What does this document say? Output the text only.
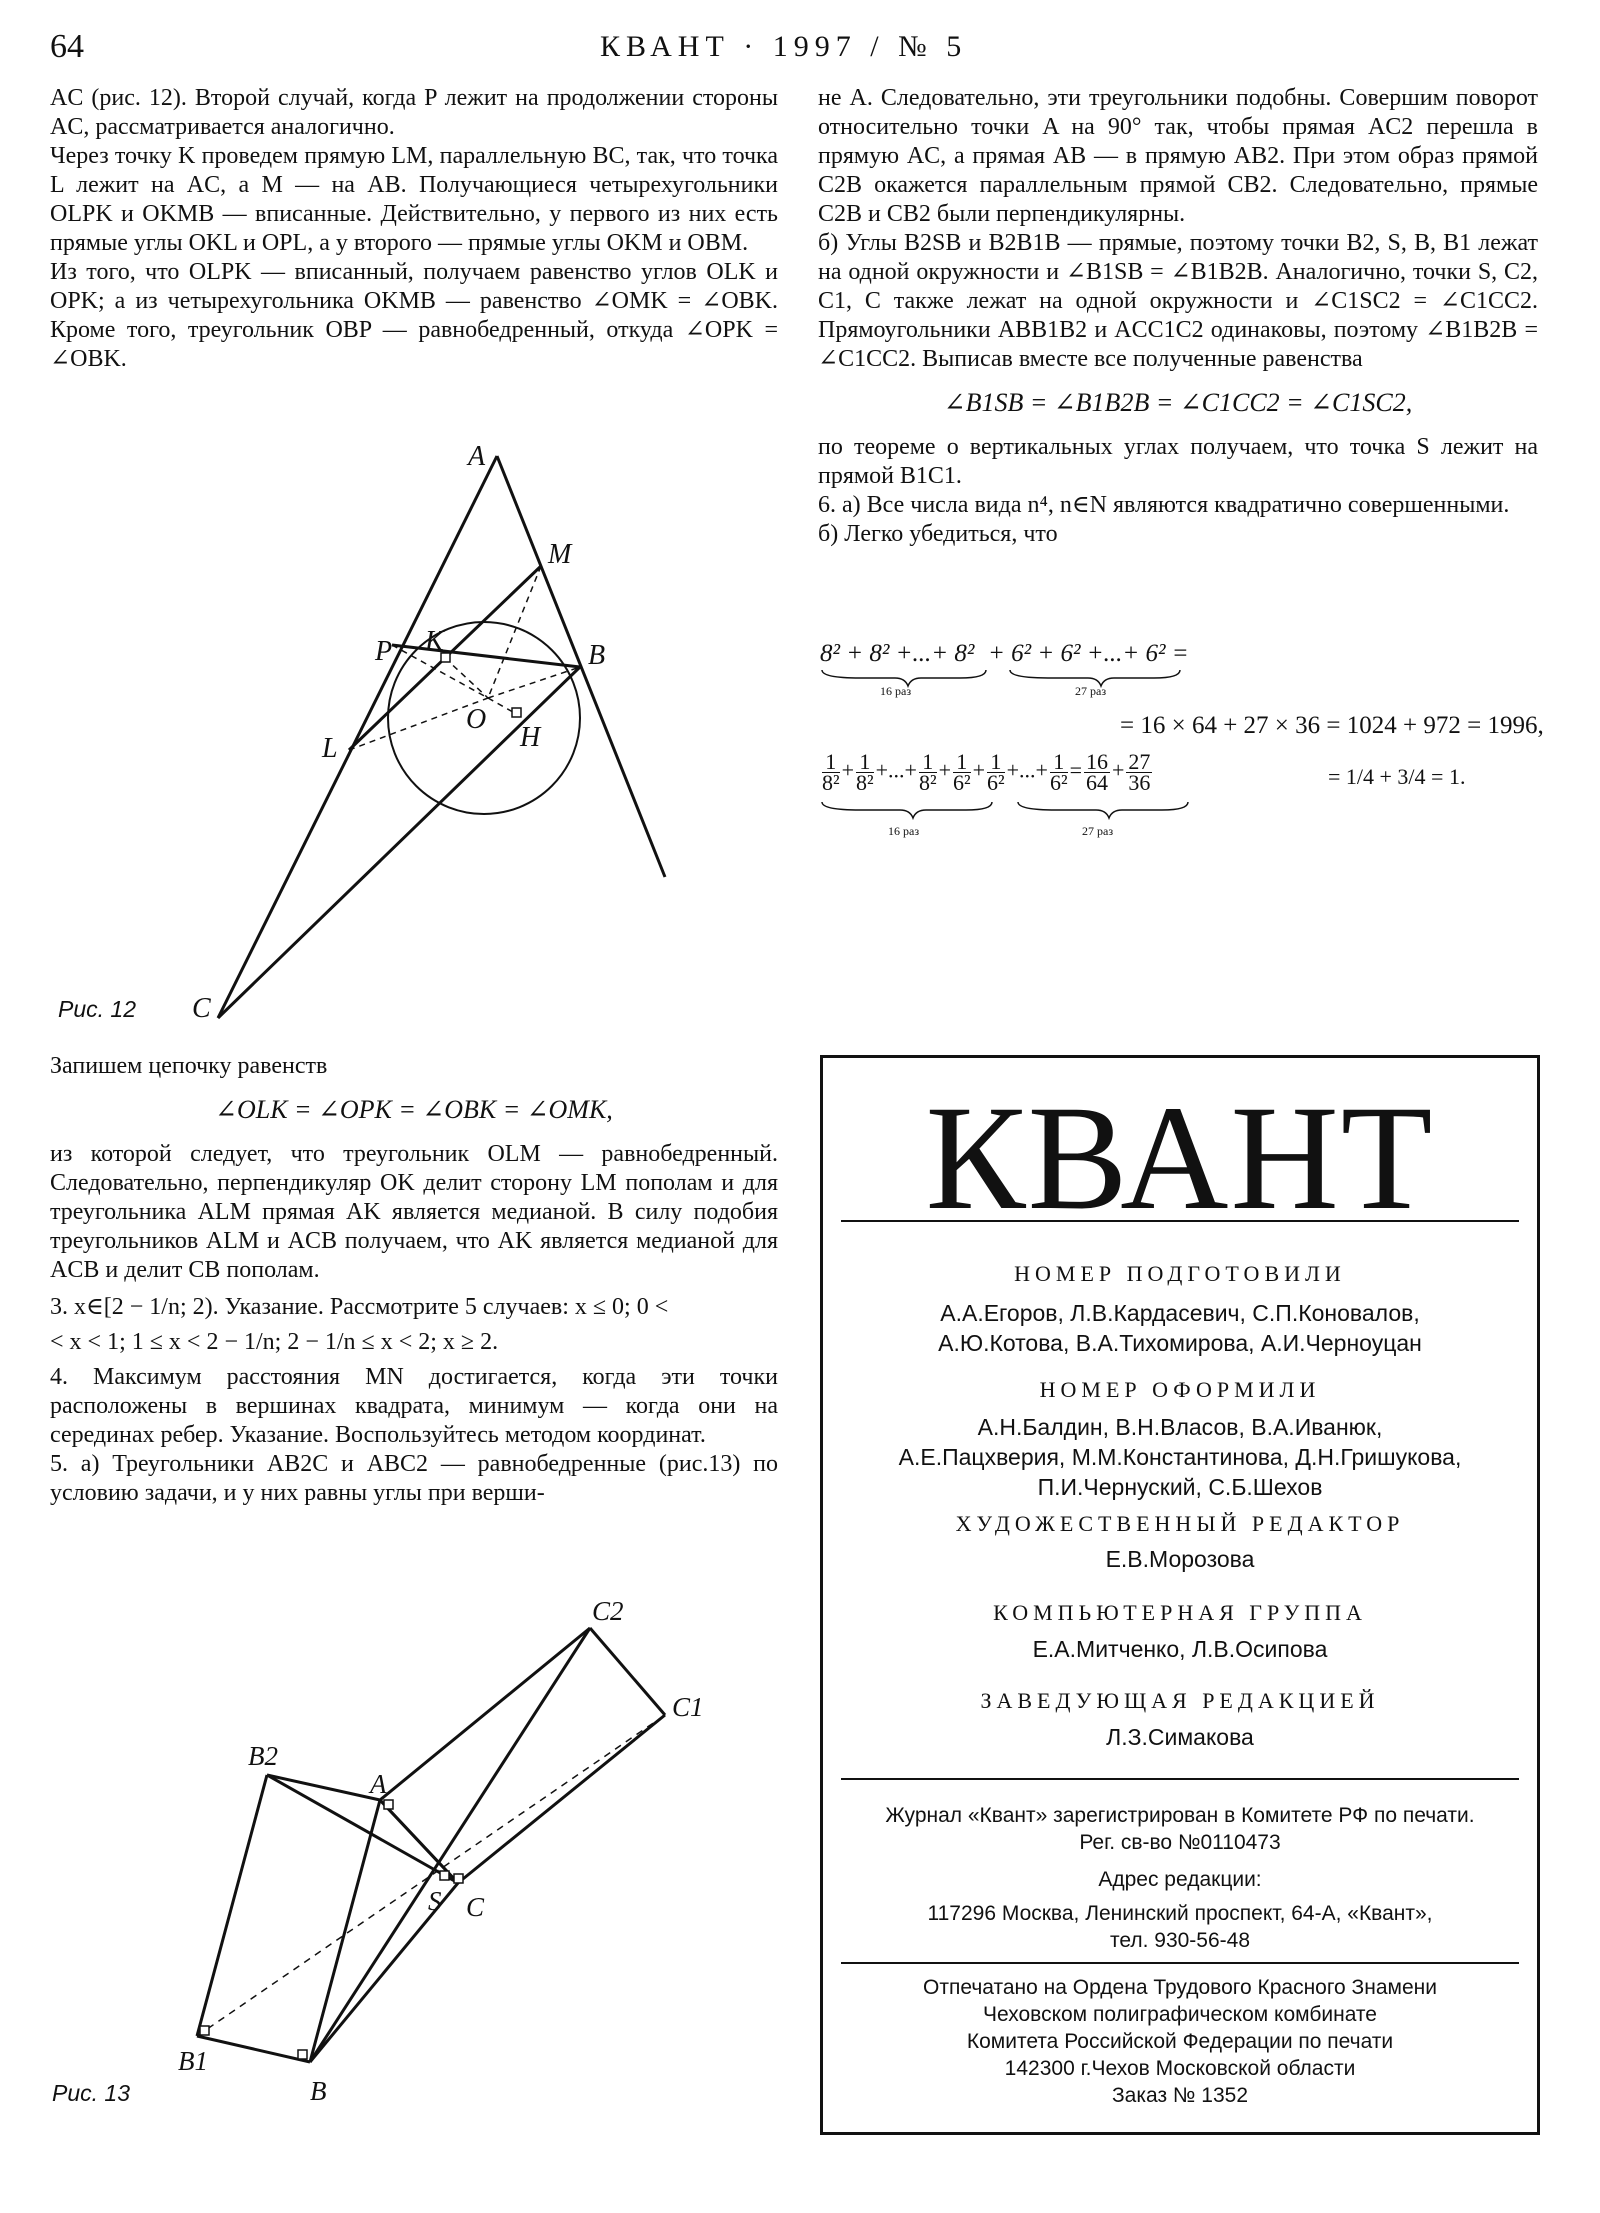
64	КВАНТ · 1997 / № 5

AC (рис. 12). Второй случай, когда P лежит на продолжении стороны AC, рассматривается аналогично.

Через точку K проведем прямую LM, параллельную BC, так, что точка L лежит на AC, а M — на AB. Получающиеся четырехугольники OLPK и OKMB — вписанные. Действительно, у первого из них есть прямые углы OKL и OPL, а у второго — прямые углы OKM и OBM.

Из того, что OLPK — вписанный, получаем равенство углов OLK и OPK; а из четырехугольника OKMB — равенство ∠OMK = ∠OBK. Кроме того, треугольник OBP — равнобедренный, откуда ∠OPK = ∠OBK.

A
M
P K	B
O
H
L
C
Рис. 12

Запишем цепочку равенств

∠OLK = ∠OPK = ∠OBK = ∠OMK,

из которой следует, что треугольник OLM — равнобедренный. Следовательно, перпендикуляр OK делит сторону LM пополам и для треугольника ALM прямая AK является медианой. В силу подобия треугольников ALM и ACB получаем, что AK является медианой для ACB и делит CB пополам.

3. x∈[2 − 1/n; 2). Указание. Рассмотрите 5 случаев: x ≤ 0; 0 <

< x < 1; 1 ≤ x < 2 − 1/n; 2 − 1/n ≤ x < 2; x ≥ 2.

4. Максимум расстояния MN достигается, когда эти точки расположены в вершинах квадрата, минимум — когда они на серединах ребер. Указание. Воспользуйтесь методом координат.

5. а) Треугольники AB2C и ABC2 — равнобедренные (рис.13) по условию задачи, и у них равны углы при верши-

C2
C1
B2
A
S C
B1
B
Рис. 13

не A. Следовательно, эти треугольники подобны. Совершим поворот относительно точки A на 90° так, чтобы прямая AC2 перешла в прямую AC, а прямая AB — в прямую AB2. При этом образ прямой C2B окажется параллельным прямой CB2. Следовательно, прямые C2B и CB2 были перпендикулярны.

б) Углы B2SB и B2B1B — прямые, поэтому точки B2, S, B, B1 лежат на одной окружности и ∠B1SB = ∠B1B2B. Аналогично, точки S, C2, C1, C также лежат на одной окружности и ∠C1SC2 = ∠C1CC2. Прямоугольники ABB1B2 и ACC1C2 одинаковы, поэтому ∠B1B2B = ∠C1CC2. Выписав вместе все полученные равенства

∠B1SB = ∠B1B2B = ∠C1CC2 = ∠C1SC2,

по теореме о вертикальных углах получаем, что точка S лежит на прямой B1C1.

6. а) Все числа вида n⁴, n∈N являются квадратично совершенными.

б) Легко убедиться, что

8² + 8² +...+ 8² + 6² + 6² +...+ 6² =
16 раз	27 раз
= 16 × 64 + 27 × 36 = 1024 + 972 = 1996,
$\frac{1}{\text{8²}} + \frac{1}{\text{8²}}$ +...+ $\frac{1}{\text{8²}} + \frac{1}{\text{6²}} + \frac{1}{\text{6²}}$ +...+ $\frac{1}{\text{6²}} = \frac{16}{64} + \frac{27}{36}$	= 1/4 + 3/4 = 1.
16 раз	27 раз
КВАНТ
НОМЕР ПОДГОТОВИЛИ
А.А.Егоров, Л.В.Кардасевич, С.П.Коновалов,
А.Ю.Котова, В.А.Тихомирова, А.И.Черноуцан
НОМЕР ОФОРМИЛИ
А.Н.Балдин, В.Н.Власов, В.А.Иванюк,
А.Е.Пацхверия, М.М.Константинова, Д.Н.Гришукова,
П.И.Чернуский, С.Б.Шехов
ХУДОЖЕСТВЕННЫЙ РЕДАКТОР
Е.В.Морозова
КОМПЬЮТЕРНАЯ ГРУППА
Е.А.Митченко, Л.В.Осипова
ЗАВЕДУЮЩАЯ РЕДАКЦИЕЙ
Л.З.Симакова
Журнал «Квант» зарегистрирован в Комитете РФ по печати.
Рег. св-во №0110473
Адрес редакции:
117296 Москва, Ленинский проспект, 64-А, «Квант»,
тел. 930-56-48
Отпечатано на Ордена Трудового Красного Знамени
Чеховском полиграфическом комбинате
Комитета Российской Федерации по печати
142300 г.Чехов Московской области
Заказ № 1352
